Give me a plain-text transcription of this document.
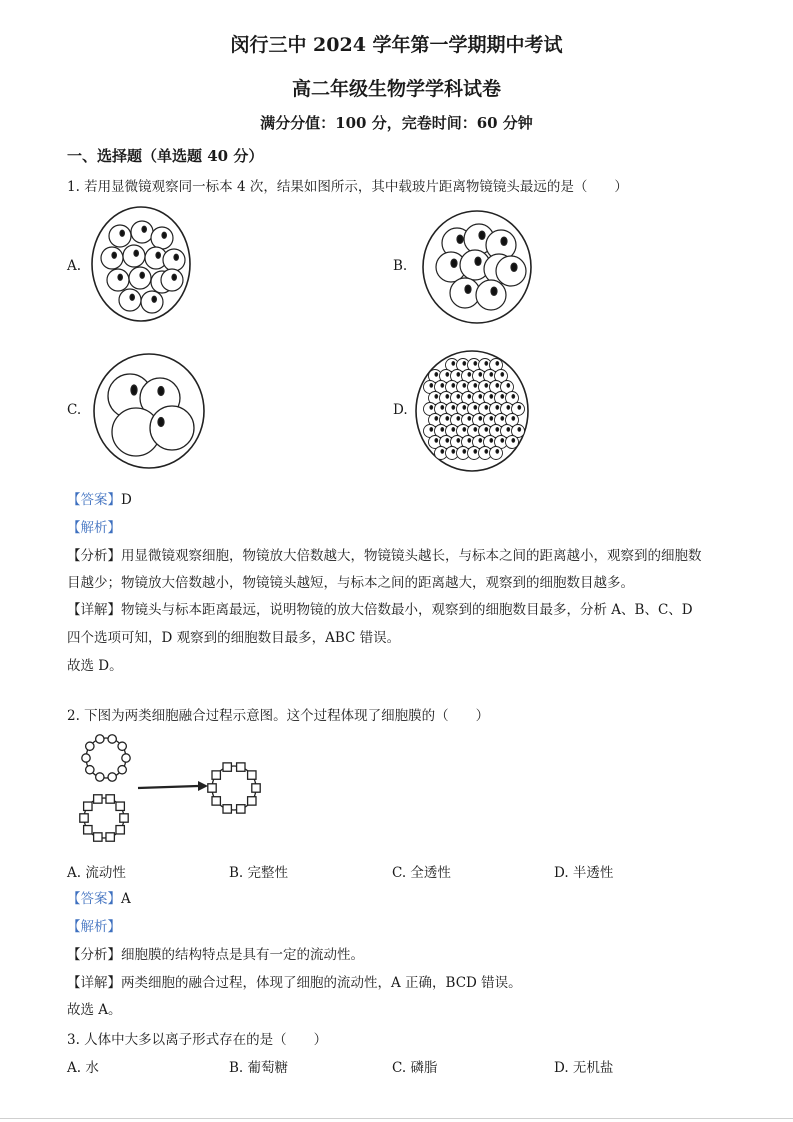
闵行三中 2024 学年第一学期期中考试
高二年级生物学学科试卷
满分分值：100 分，完卷时间：60 分钟
一、选择题（单选题 40 分）
1. 若用显微镜观察同一标本 4 次，结果如图所示，其中载玻片距离物镜镜头最远的是（　　）
A.	B.
C.	D.
【答案】D
【解析】
【分析】用显微镜观察细胞，物镜放大倍数越大，物镜镜头越长，与标本之间的距离越小，观察到的细胞数
目越少；物镜放大倍数越小，物镜镜头越短，与标本之间的距离越大，观察到的细胞数目越多。
【详解】物镜头与标本距离最远，说明物镜的放大倍数最小，观察到的细胞数目最多，分析 A、B、C、D
四个选项可知，D 观察到的细胞数目最多，ABC 错误。
故选 D。
2. 下图为两类细胞融合过程示意图。这个过程体现了细胞膜的（　　）
A. 流动性	B. 完整性	C. 全透性	D. 半透性
【答案】A
【解析】
【分析】细胞膜的结构特点是具有一定的流动性。
【详解】两类细胞的融合过程，体现了细胞的流动性，A 正确，BCD 错误。
故选 A。
3. 人体中大多以离子形式存在的是（　　）
A. 水	B. 葡萄糖	C. 磷脂	D. 无机盐
